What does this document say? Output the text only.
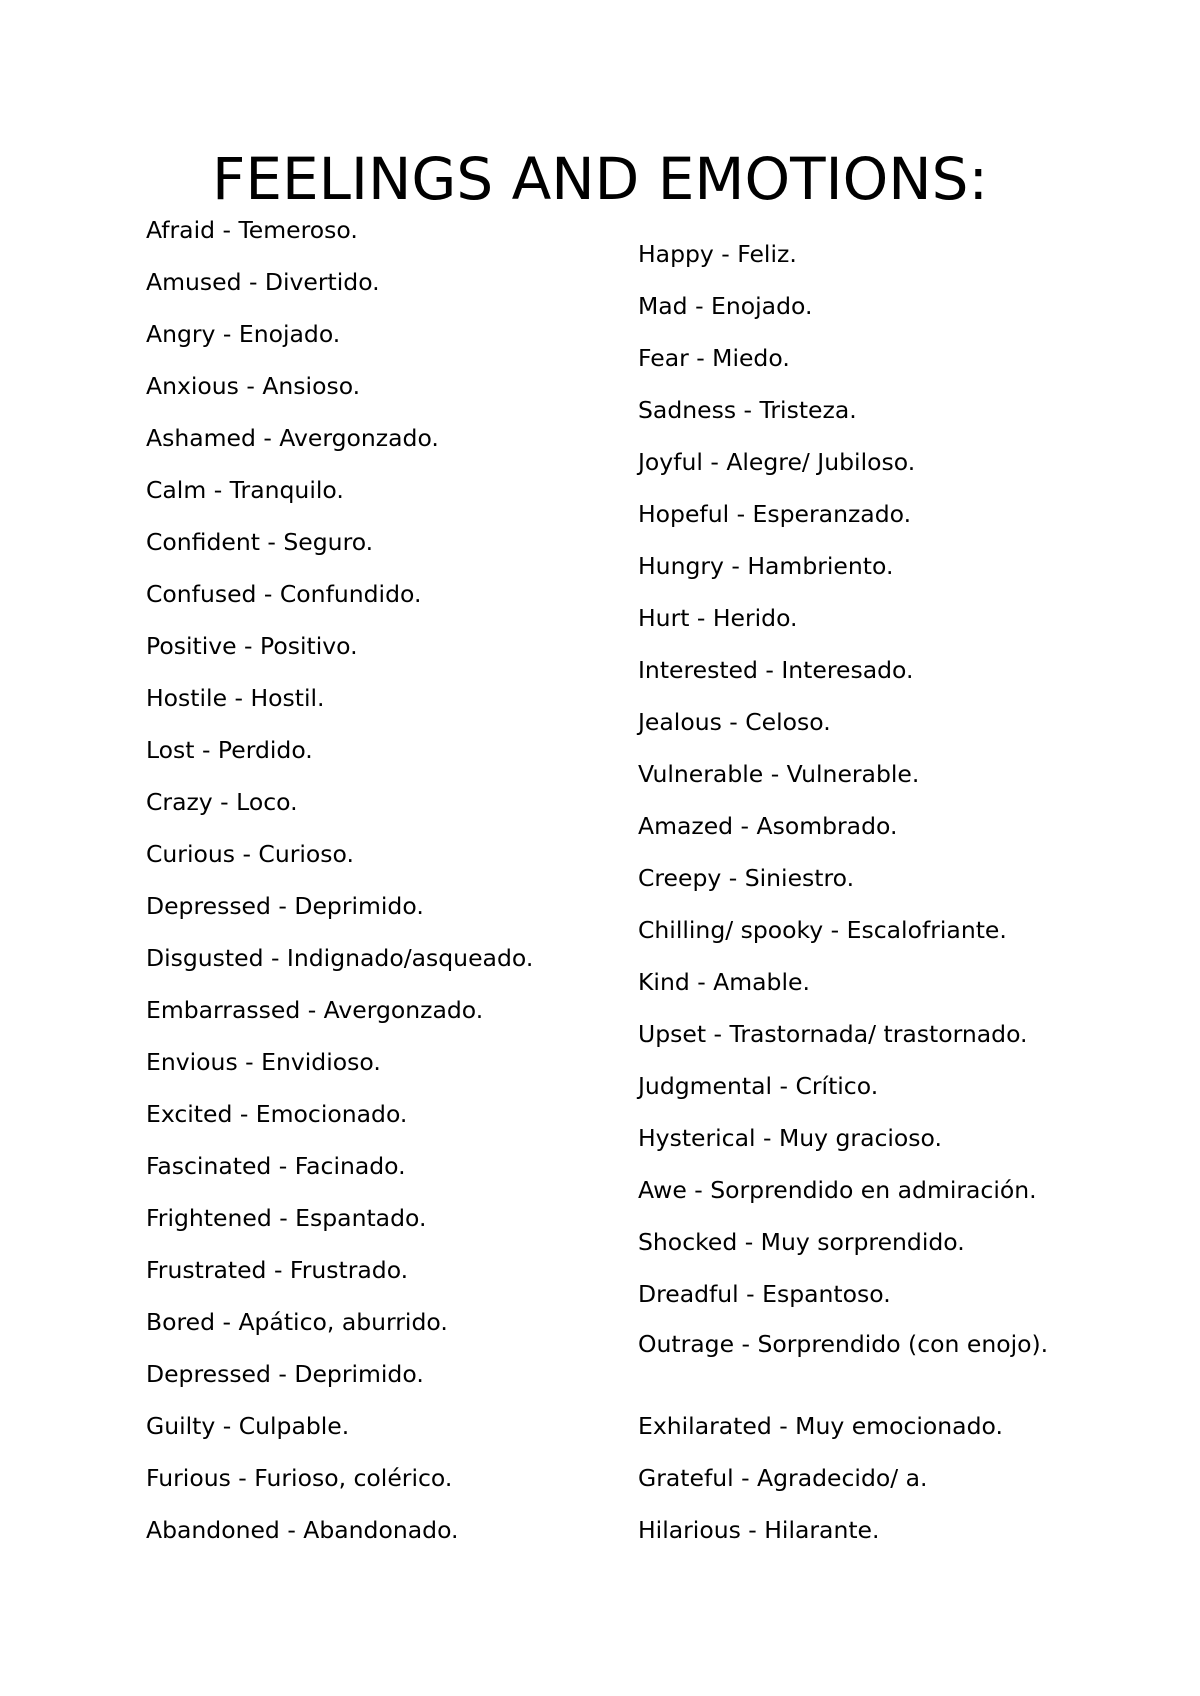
FEELINGS AND EMOTIONS:
Afraid - Temeroso.
Amused - Divertido.
Angry - Enojado.
Anxious - Ansioso.
Ashamed - Avergonzado.
Calm - Tranquilo.
Confident - Seguro.
Confused - Confundido.
Positive - Positivo.
Hostile - Hostil.
Lost - Perdido.
Crazy - Loco.
Curious - Curioso.
Depressed - Deprimido.
Disgusted - Indignado/asqueado.
Embarrassed - Avergonzado.
Envious - Envidioso.
Excited - Emocionado.
Fascinated - Facinado.
Frightened - Espantado.
Frustrated - Frustrado.
Bored - Apático, aburrido.
Depressed - Deprimido.
Guilty - Culpable.
Furious - Furioso, colérico.
Abandoned - Abandonado.
Happy - Feliz.
Mad - Enojado.
Fear - Miedo.
Sadness - Tristeza.
Joyful - Alegre/ Jubiloso.
Hopeful - Esperanzado.
Hungry - Hambriento.
Hurt - Herido.
Interested - Interesado.
Jealous - Celoso.
Vulnerable - Vulnerable.
Amazed - Asombrado.
Creepy - Siniestro.
Chilling/ spooky - Escalofriante.
Kind - Amable.
Upset - Trastornada/ trastornado.
Judgmental - Crítico.
Hysterical - Muy gracioso.
Awe - Sorprendido en admiración.
Shocked - Muy sorprendido.
Dreadful - Espantoso.
Outrage - Sorprendido (con enojo).
Exhilarated - Muy emocionado.
Grateful - Agradecido/ a.
Hilarious - Hilarante.
